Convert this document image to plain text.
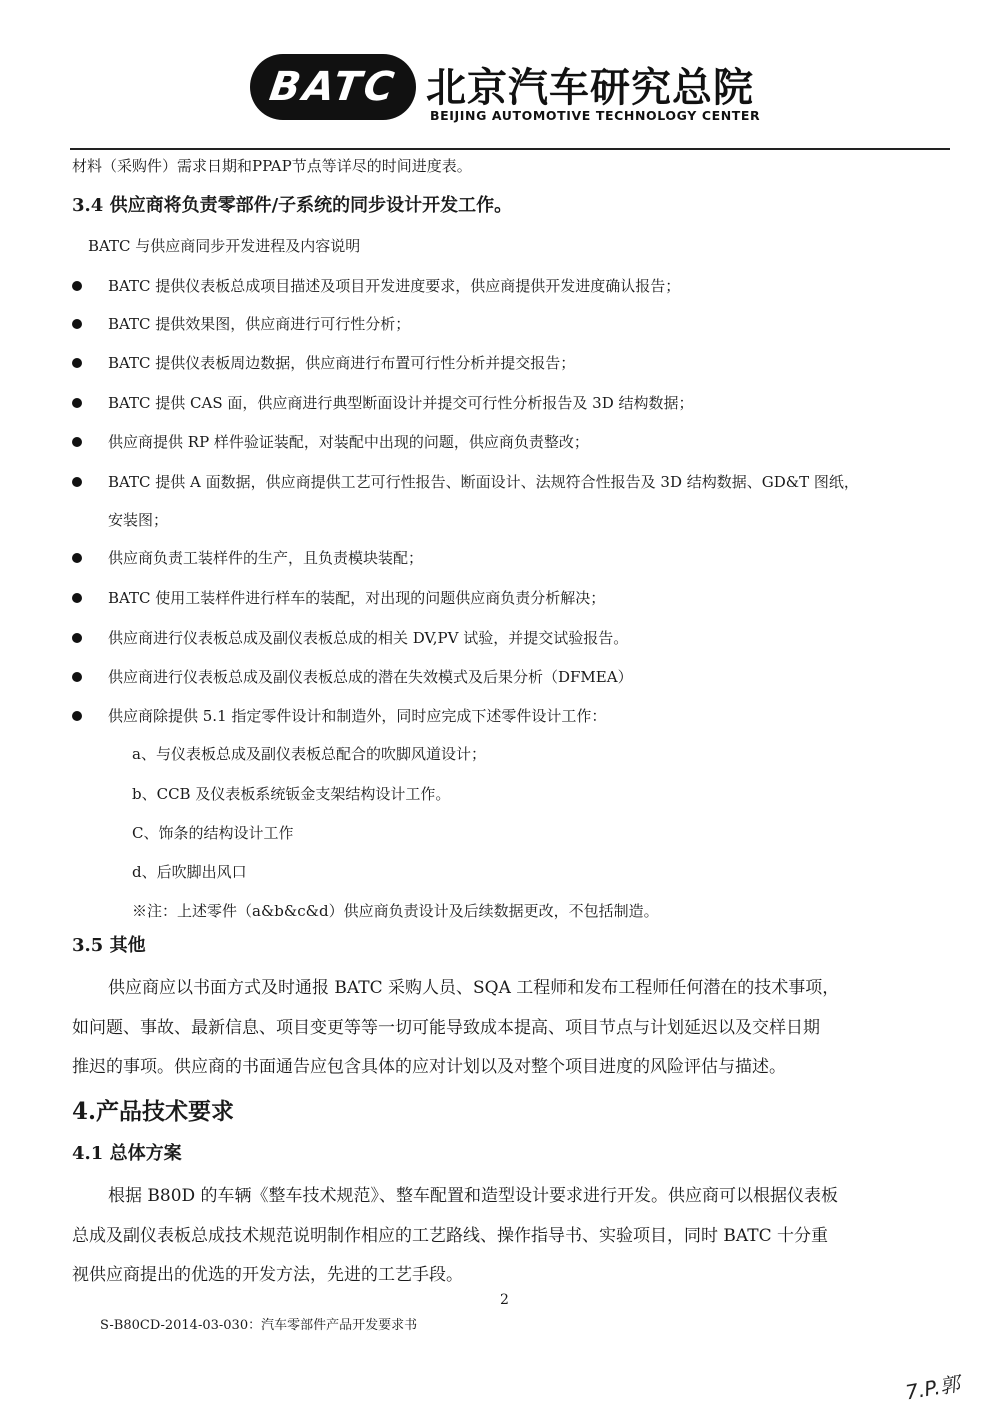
BATC 北京汽车研究总院
BEIJING AUTOMOTIVE TECHNOLOGY CENTER
材料（采购件）需求日期和PPAP节点等详尽的时间进度表。
3.4 供应商将负责零部件/子系统的同步设计开发工作。
BATC 与供应商同步开发进程及内容说明
BATC 提供仪表板总成项目描述及项目开发进度要求，供应商提供开发进度确认报告；
BATC 提供效果图，供应商进行可行性分析；
BATC 提供仪表板周边数据，供应商进行布置可行性分析并提交报告；
BATC 提供 CAS 面，供应商进行典型断面设计并提交可行性分析报告及 3D 结构数据；
供应商提供 RP 样件验证装配，对装配中出现的问题，供应商负责整改；
BATC 提供 A 面数据，供应商提供工艺可行性报告、断面设计、法规符合性报告及 3D 结构数据、GD&T 图纸，
安装图；
供应商负责工装样件的生产，且负责模块装配；
BATC 使用工装样件进行样车的装配，对出现的问题供应商负责分析解决；
供应商进行仪表板总成及副仪表板总成的相关 DV,PV 试验，并提交试验报告。
供应商进行仪表板总成及副仪表板总成的潜在失效模式及后果分析（DFMEA）
供应商除提供 5.1 指定零件设计和制造外，同时应完成下述零件设计工作：
a、与仪表板总成及副仪表板总配合的吹脚风道设计；
b、CCB 及仪表板系统钣金支架结构设计工作。
C、饰条的结构设计工作
d、后吹脚出风口
※注：上述零件（a&b&c&d）供应商负责设计及后续数据更改，不包括制造。
3.5 其他
供应商应以书面方式及时通报 BATC 采购人员、SQA 工程师和发布工程师任何潜在的技术事项，
如问题、事故、最新信息、项目变更等等一切可能导致成本提高、项目节点与计划延迟以及交样日期
推迟的事项。供应商的书面通告应包含具体的应对计划以及对整个项目进度的风险评估与描述。
4.产品技术要求
4.1 总体方案
根据 B80D 的车辆《整车技术规范》、整车配置和造型设计要求进行开发。供应商可以根据仪表板
总成及副仪表板总成技术规范说明制作相应的工艺路线、操作指导书、实验项目，同时 BATC 十分重
视供应商提出的优选的开发方法，先进的工艺手段。
2
S-B80CD-2014-03-030：汽车零部件产品开发要求书
7.P.郭
